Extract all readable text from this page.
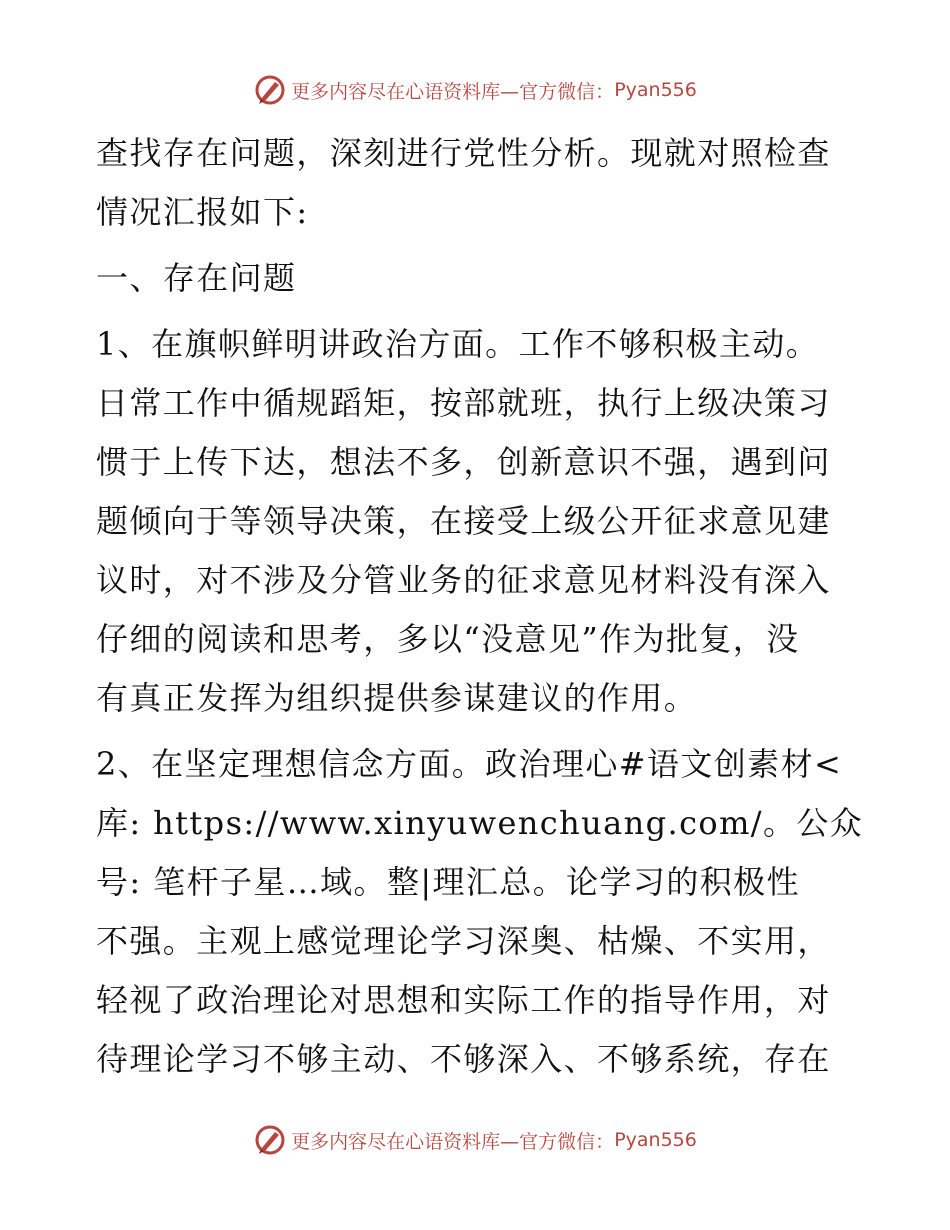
更多内容尽在心语资料库 —官方微信： Pyan556
查找存在问题，深刻进行党性分析。现就对照检查
情况汇报如下:
一、存在问题
1、在旗帜鲜明讲政治方面。工作不够积极主动。
日常工作中循规蹈矩，按部就班，执行上级决策习
惯于上传下达，想法不多，创新意识不强，遇到问
题倾向于等领导决策，在接受上级公开征求意见建
议时，对不涉及分管业务的征求意见材料没有深入
仔细的阅读和思考，多以“没意见”作为批复，没
有真正发挥为组织提供参谋建议的作用。
2、在坚定理想信念方面。政治理心#语文创素材<
库: https://www.xinyuwenchuang.com/。公众
号: 笔杆子星…域。整|理汇总。论学习的积极性
不强。主观上感觉理论学习深奥、枯燥、不实用，
轻视了政治理论对思想和实际工作的指导作用，对
待理论学习不够主动、不够深入、不够系统，存在
更多内容尽在心语资料库 —官方微信： Pyan556
